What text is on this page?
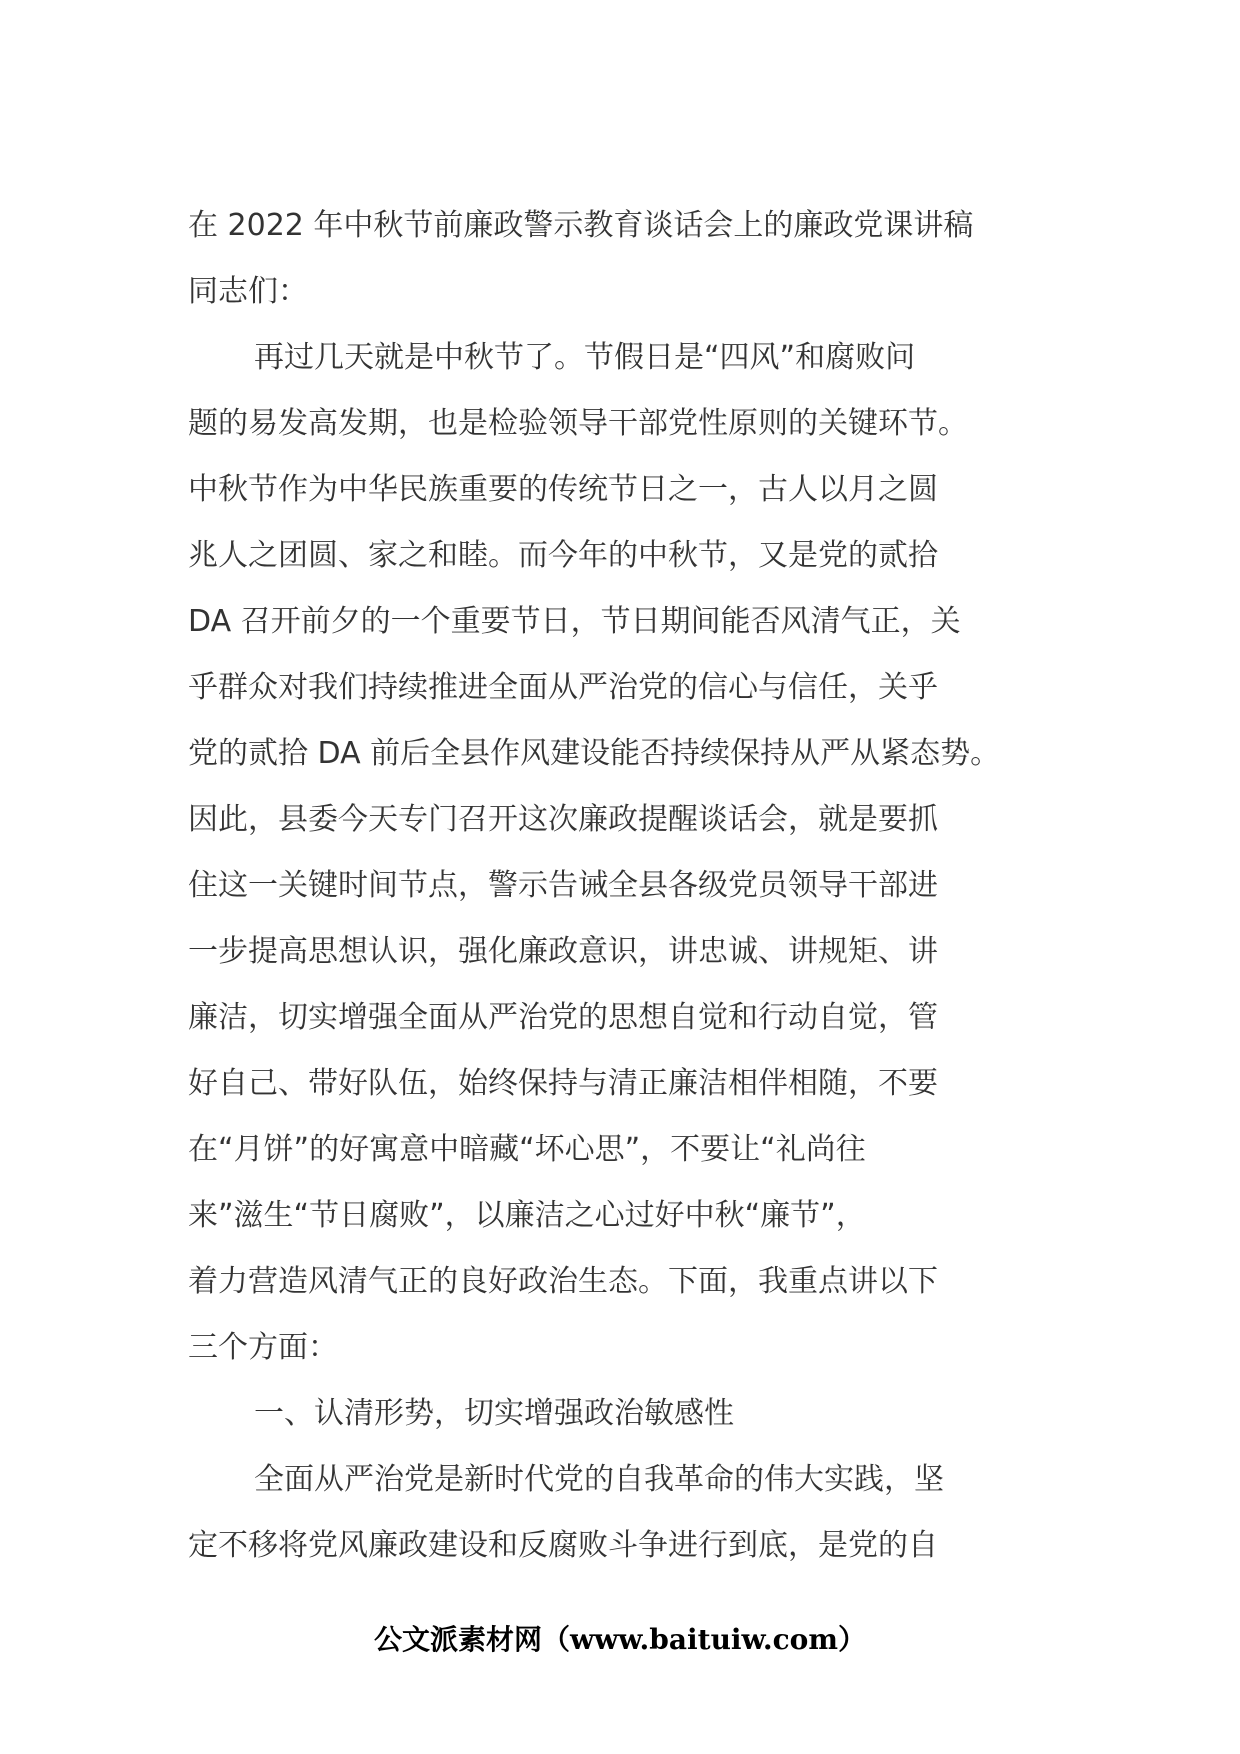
在 2022 年中秋节前廉政警示教育谈话会上的廉政党课讲稿
同志们：
再过几天就是中秋节了。节假日是“四风”和腐败问
题的易发高发期，也是检验领导干部党性原则的关键环节。
中秋节作为中华民族重要的传统节日之一，古人以月之圆
兆人之团圆、家之和睦。而今年的中秋节，又是党的贰拾
DA 召开前夕的一个重要节日，节日期间能否风清气正，关
乎群众对我们持续推进全面从严治党的信心与信任，关乎
党的贰拾 DA 前后全县作风建设能否持续保持从严从紧态势。
因此，县委今天专门召开这次廉政提醒谈话会，就是要抓
住这一关键时间节点，警示告诫全县各级党员领导干部进
一步提高思想认识，强化廉政意识，讲忠诚、讲规矩、讲
廉洁，切实增强全面从严治党的思想自觉和行动自觉，管
好自己、带好队伍，始终保持与清正廉洁相伴相随，不要
在“月饼”的好寓意中暗藏“坏心思”，不要让“礼尚往
来”滋生“节日腐败”，以廉洁之心过好中秋“廉节”，
着力营造风清气正的良好政治生态。下面，我重点讲以下
三个方面：
一、认清形势，切实增强政治敏感性
全面从严治党是新时代党的自我革命的伟大实践，坚
定不移将党风廉政建设和反腐败斗争进行到底，是党的自
公文派素材网（www.baituiw.com）
